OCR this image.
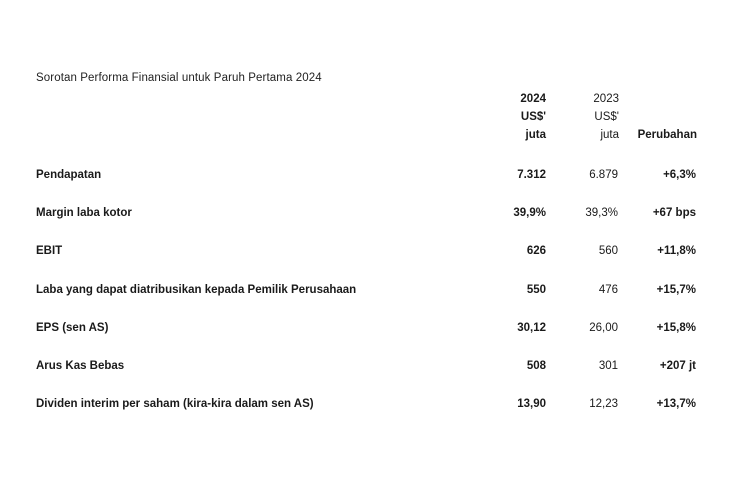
Sorotan Performa Finansial untuk Paruh Pertama 2024
2024
US$'
juta
2023
US$'
juta	Perubahan
Pendapatan	7.312	6.879	+6,3%
Margin laba kotor	39,9%	39,3%	+67 bps
EBIT	626	560	+11,8%
Laba yang dapat diatribusikan kepada Pemilik Perusahaan	550	476	+15,7%
EPS (sen AS)	30,12	26,00	+15,8%
Arus Kas Bebas	508	301	+207 jt
Dividen interim per saham (kira-kira dalam sen AS)	13,90	12,23	+13,7%
